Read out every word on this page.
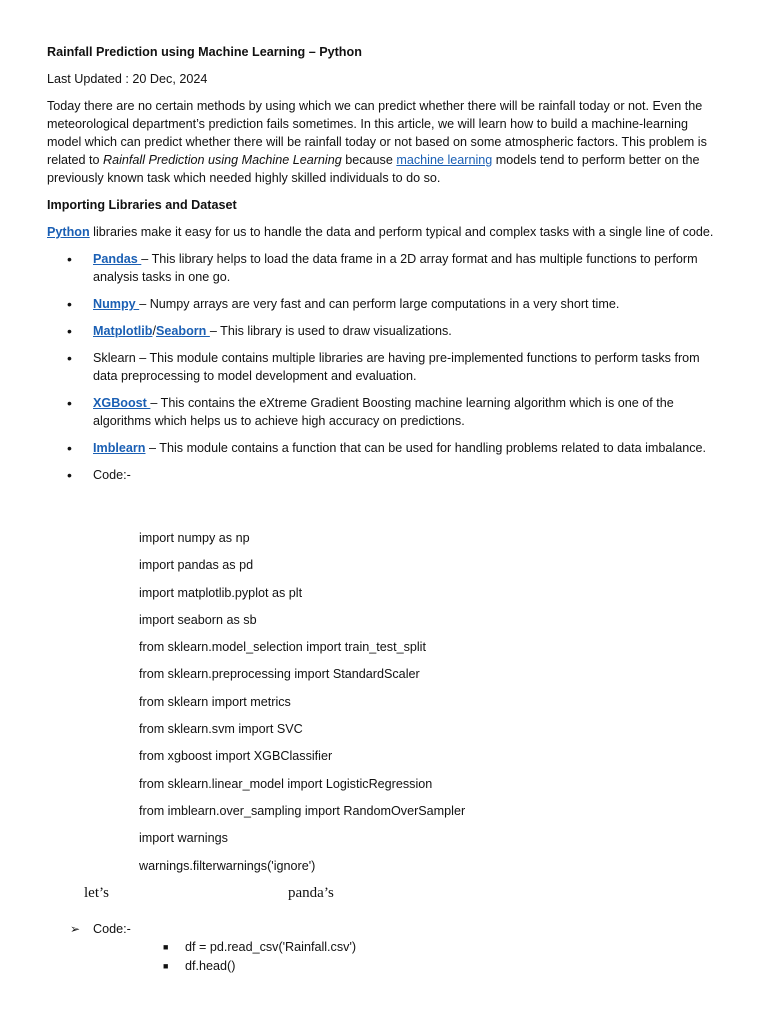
Rainfall Prediction using Machine Learning – Python

Last Updated : 20 Dec, 2024

Today there are no certain methods by using which we can predict whether there will be rainfall today or not. Even the meteorological department’s prediction fails sometimes. In this article, we will learn how to build a machine-learning model which can predict whether there will be rainfall today or not based on some atmospheric factors. This problem is related to Rainfall Prediction using Machine Learning because machine learning models tend to perform better on the previously known task which needed highly skilled individuals to do so.

Importing Libraries and Dataset

Python libraries make it easy for us to handle the data and perform typical and complex tasks with a single line of code.

• Pandas – This library helps to load the data frame in a 2D array format and has multiple functions to perform analysis tasks in one go.
• Numpy – Numpy arrays are very fast and can perform large computations in a very short time.
• Matplotlib/Seaborn – This library is used to draw visualizations.
• Sklearn – This module contains multiple libraries are having pre-implemented functions to perform tasks from data preprocessing to model development and evaluation.
• XGBoost – This contains the eXtreme Gradient Boosting machine learning algorithm which is one of the algorithms which helps us to achieve high accuracy on predictions.
• Imblearn – This module contains a function that can be used for handling problems related to data imbalance.
• Code:-
import numpy as np
import pandas as pd
import matplotlib.pyplot as plt
import seaborn as sb
from sklearn.model_selection import train_test_split
from sklearn.preprocessing import StandardScaler
from sklearn import metrics
from sklearn.svm import SVC
from xgboost import XGBClassifier
from sklearn.linear_model import LogisticRegression
from imblearn.over_sampling import RandomOverSampler
import warnings
warnings.filterwarnings('ignore')
let’s	panda’s
➢ Code:-
■ df = pd.read_csv('Rainfall.csv')
■ df.head()
